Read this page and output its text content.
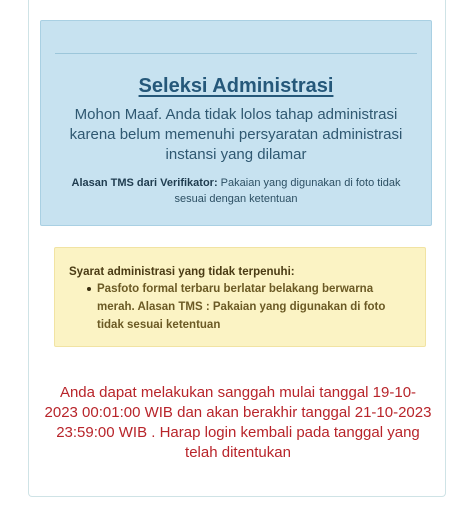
Seleksi Administrasi
Mohon Maaf. Anda tidak lolos tahap administrasi karena belum memenuhi persyaratan administrasi instansi yang dilamar
Alasan TMS dari Verifikator: Pakaian yang digunakan di foto tidak sesuai dengan ketentuan
Syarat administrasi yang tidak terpenuhi:
Pasfoto formal terbaru berlatar belakang berwarna merah. Alasan TMS : Pakaian yang digunakan di foto tidak sesuai ketentuan
Anda dapat melakukan sanggah mulai tanggal 19-10-2023 00:01:00 WIB dan akan berakhir tanggal 21-10-2023 23:59:00 WIB . Harap login kembali pada tanggal yang telah ditentukan
